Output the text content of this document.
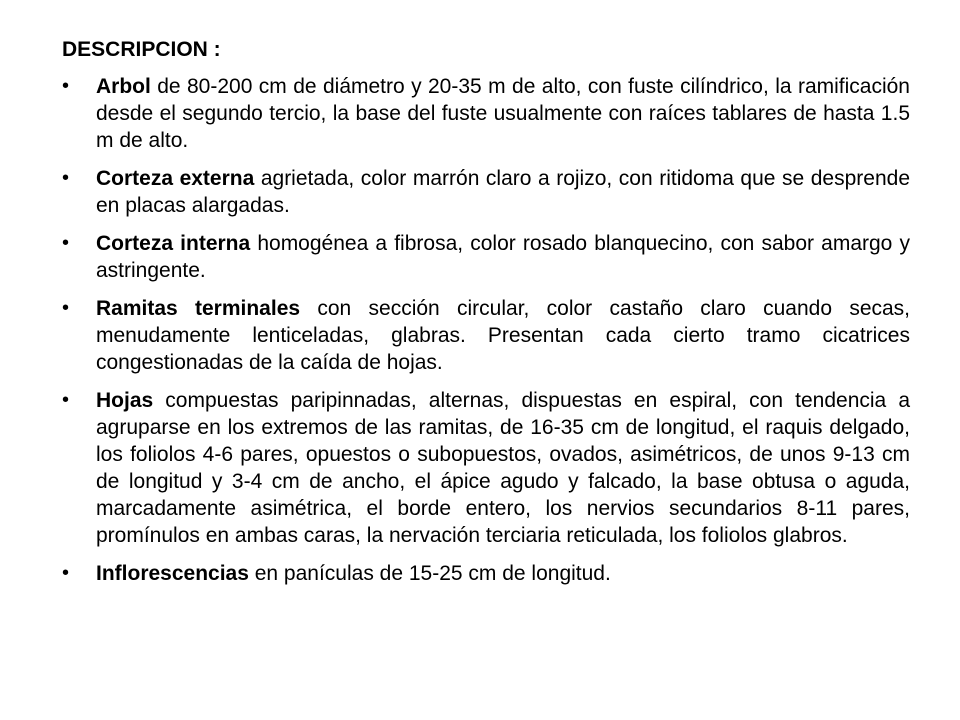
DESCRIPCION :
• Arbol de 80-200 cm de diámetro y 20-35 m de alto, con fuste cilíndrico, la ramificación desde el segundo tercio, la base del fuste usualmente con raíces tablares de hasta 1.5 m de alto.
• Corteza externa agrietada, color marrón claro a rojizo, con ritidoma que se desprende en placas alargadas.
• Corteza interna homogénea a fibrosa, color rosado blanquecino, con sabor amargo y astringente.
• Ramitas terminales con sección circular, color castaño claro cuando secas, menudamente lenticeladas, glabras. Presentan cada cierto tramo cicatrices congestionadas de la caída de hojas.
• Hojas compuestas paripinnadas, alternas, dispuestas en espiral, con tendencia a agruparse en los extremos de las ramitas, de 16-35 cm de longitud, el raquis delgado, los foliolos 4-6 pares, opuestos o subopuestos, ovados, asimétricos, de unos 9-13 cm de longitud y 3-4 cm de ancho, el ápice agudo y falcado, la base obtusa o aguda, marcadamente asimétrica, el borde entero, los nervios secundarios 8-11 pares, promínulos en ambas caras, la nervación terciaria reticulada, los foliolos glabros.
• Inflorescencias en panículas de 15-25 cm de longitud.
